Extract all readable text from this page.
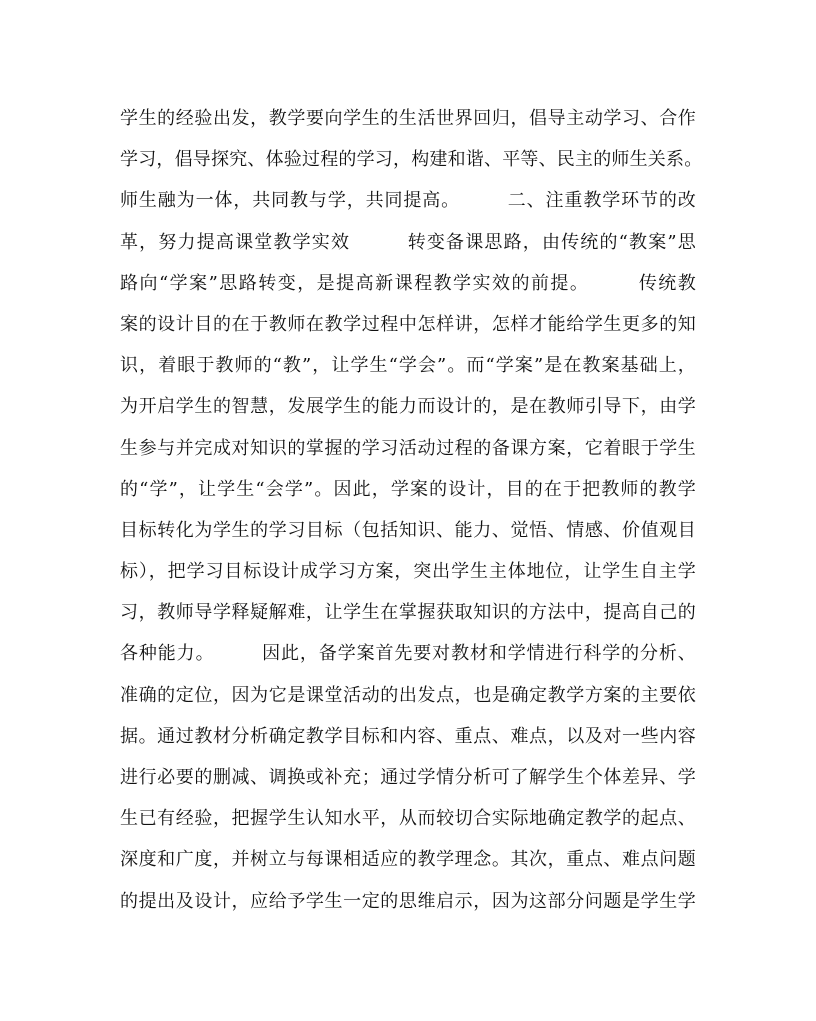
学生的经验出发，教学要向学生的生活世界回归，倡导主动学习、合作
学习，倡导探究、体验过程的学习，构建和谐、平等、民主的师生关系。
师生融为一体，共同教与学，共同提高。　　　二、注重教学环节的改
革，努力提高课堂教学实效　　　转变备课思路，由传统的“教案”思
路向“学案”思路转变，是提高新课程教学实效的前提。　　　传统教
案的设计目的在于教师在教学过程中怎样讲，怎样才能给学生更多的知
识，着眼于教师的“教”，让学生“学会”。而“学案”是在教案基础上，
为开启学生的智慧，发展学生的能力而设计的，是在教师引导下，由学
生参与并完成对知识的掌握的学习活动过程的备课方案，它着眼于学生
的“学”，让学生“会学”。因此，学案的设计，目的在于把教师的教学
目标转化为学生的学习目标（包括知识、能力、觉悟、情感、价值观目
标），把学习目标设计成学习方案，突出学生主体地位，让学生自主学
习，教师导学释疑解难，让学生在掌握获取知识的方法中，提高自己的
各种能力。　　　因此，备学案首先要对教材和学情进行科学的分析、
准确的定位，因为它是课堂活动的出发点，也是确定教学方案的主要依
据。通过教材分析确定教学目标和内容、重点、难点，以及对一些内容
进行必要的删减、调换或补充；通过学情分析可了解学生个体差异、学
生已有经验，把握学生认知水平，从而较切合实际地确定教学的起点、
深度和广度，并树立与每课相适应的教学理念。其次，重点、难点问题
的提出及设计，应给予学生一定的思维启示，因为这部分问题是学生学
